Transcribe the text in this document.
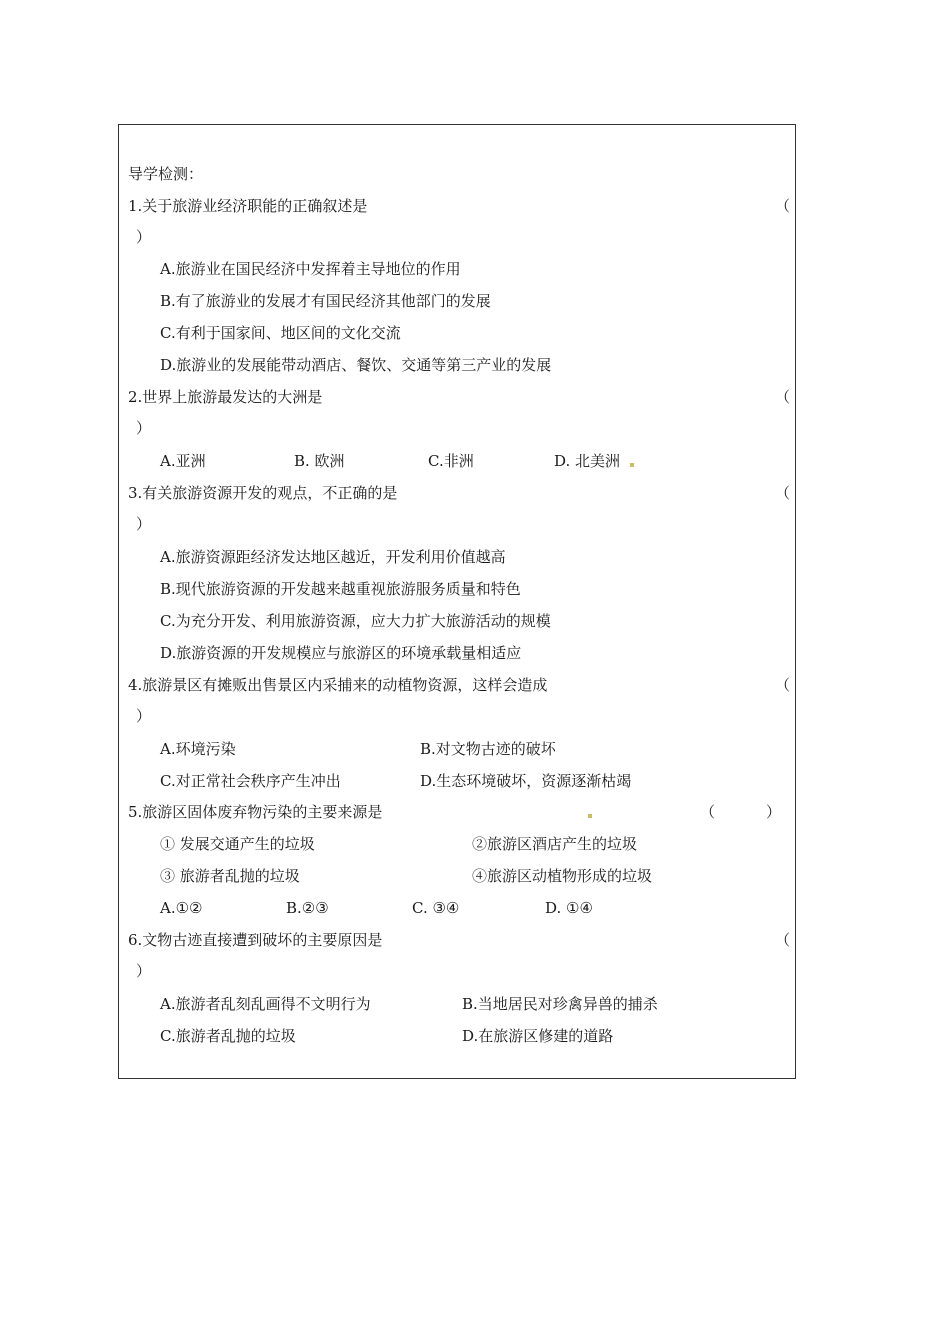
导学检测：
1.关于旅游业经济职能的正确叙述是	（
）
A.旅游业在国民经济中发挥着主导地位的作用
B.有了旅游业的发展才有国民经济其他部门的发展
C.有利于国家间、地区间的文化交流
D.旅游业的发展能带动酒店、餐饮、交通等第三产业的发展
2.世界上旅游最发达的大洲是	（
）
A.亚洲	B. 欧洲	C.非洲	D. 北美洲
3.有关旅游资源开发的观点，不正确的是	（
）
A.旅游资源距经济发达地区越近，开发利用价值越高
B.现代旅游资源的开发越来越重视旅游服务质量和特色
C.为充分开发、利用旅游资源，应大力扩大旅游活动的规模
D.旅游资源的开发规模应与旅游区的环境承载量相适应
4.旅游景区有摊贩出售景区内采捕来的动植物资源，这样会造成	（
）
A.环境污染	B.对文物古迹的破坏
C.对正常社会秩序产生冲出	D.生态环境破坏，资源逐渐枯竭
5.旅游区固体废弃物污染的主要来源是	（	）
① 发展交通产生的垃圾	②旅游区酒店产生的垃圾
③ 旅游者乱抛的垃圾	④旅游区动植物形成的垃圾
A.①②	B.②③	C. ③④	D. ①④
6.文物古迹直接遭到破坏的主要原因是	（
）
A.旅游者乱刻乱画得不文明行为	B.当地居民对珍禽异兽的捕杀
C.旅游者乱抛的垃圾	D.在旅游区修建的道路
